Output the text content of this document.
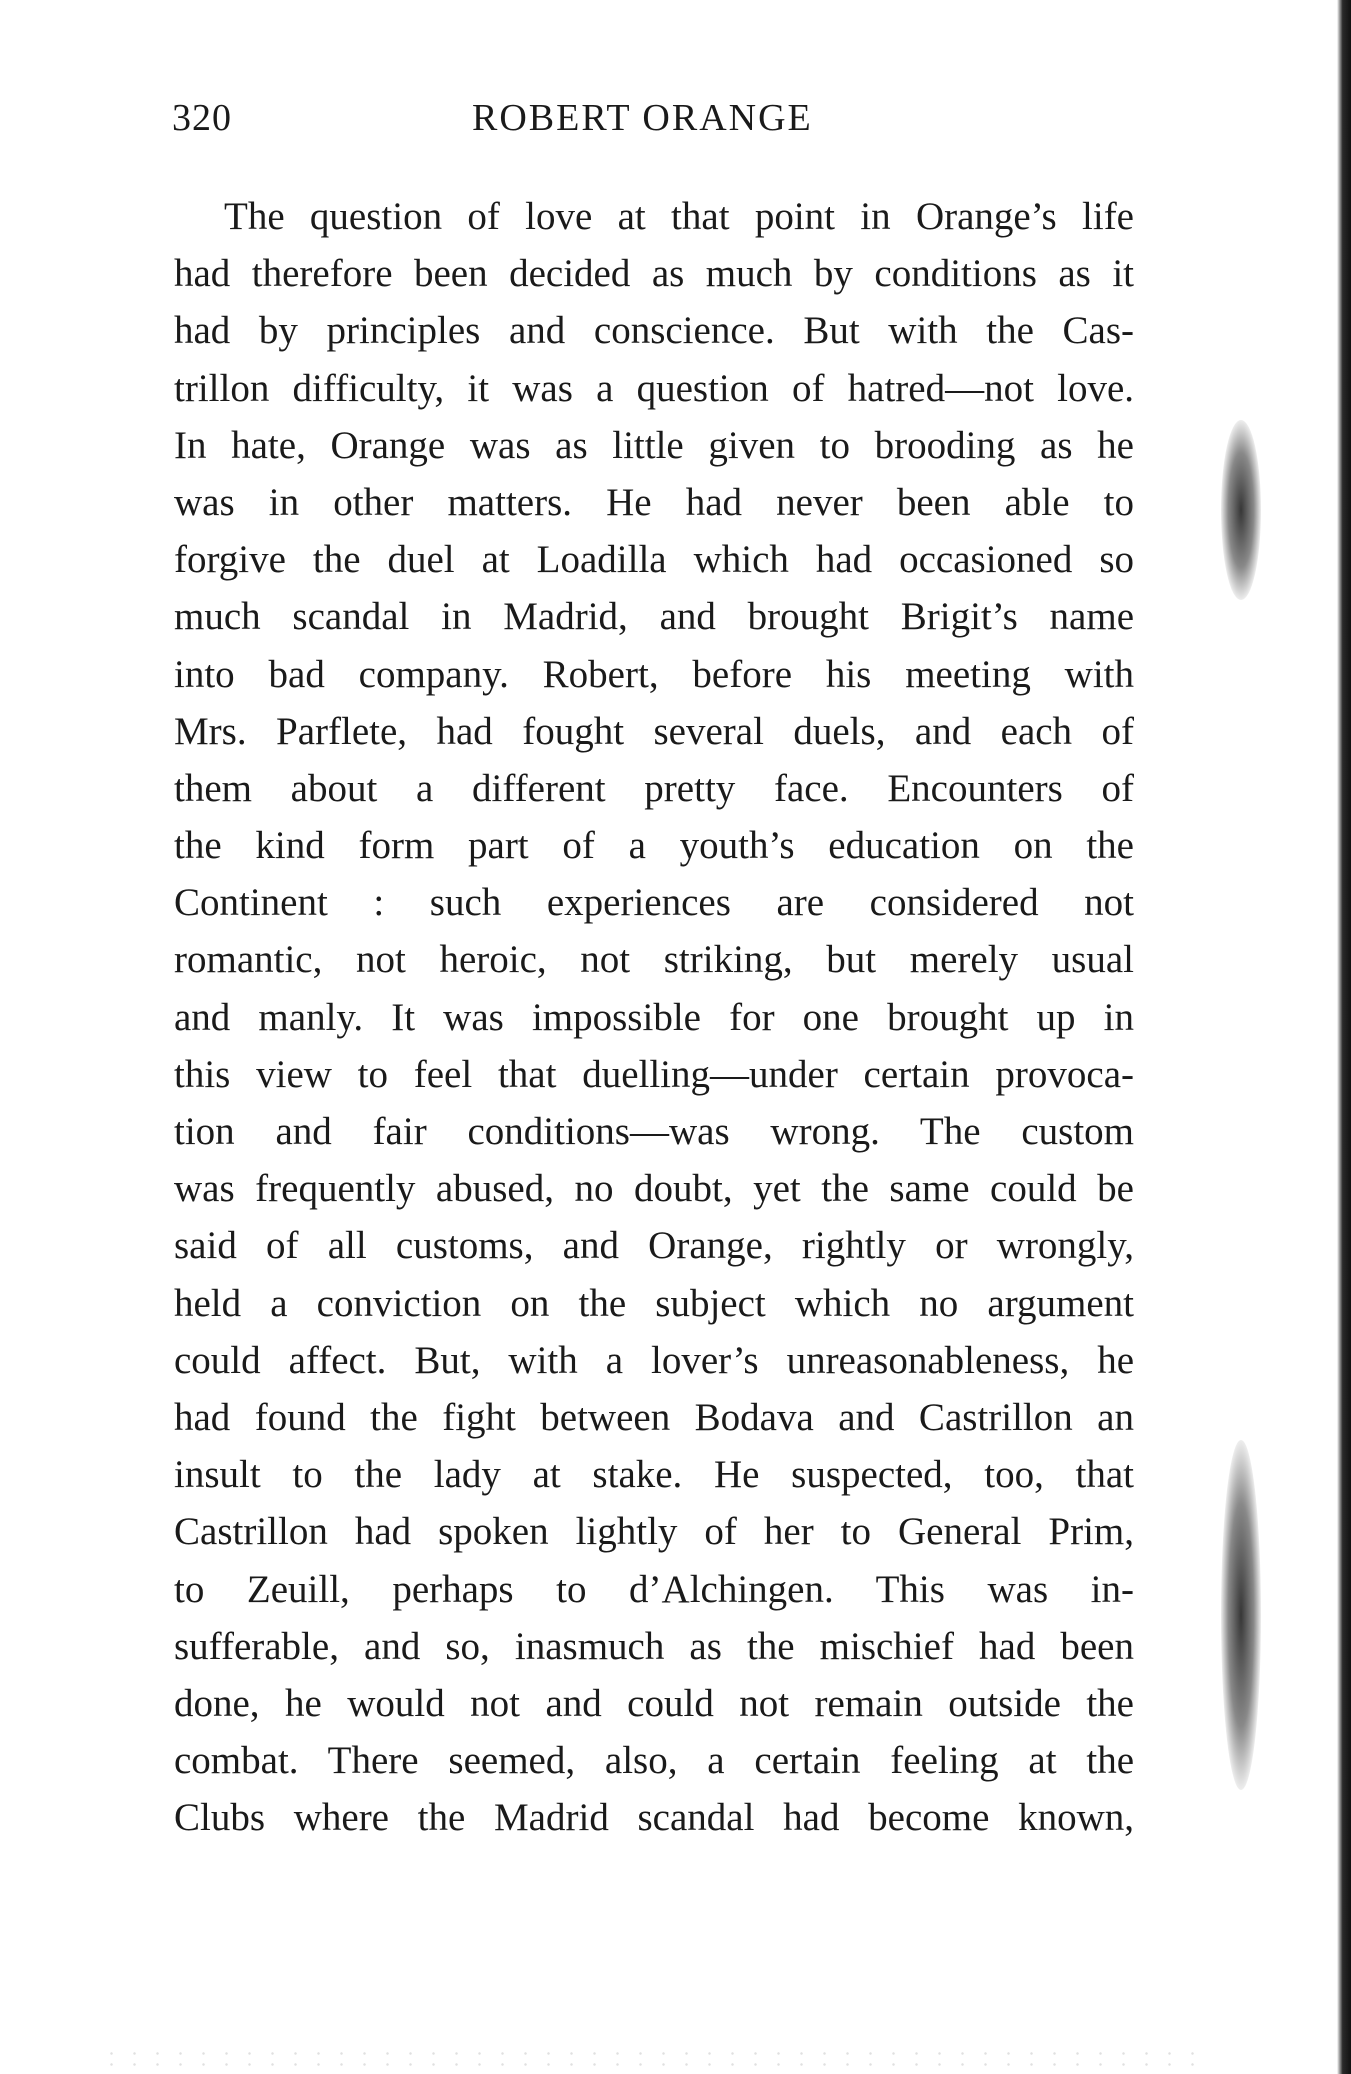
320	ROBERT ORANGE
The question of love at that point in Orange’s life
had therefore been decided as much by conditions as it
had by principles and conscience. But with the Cas-
trillon difficulty, it was a question of hatred—not love.
In hate, Orange was as little given to brooding as he
was in other matters. He had never been able to
forgive the duel at Loadilla which had occasioned so
much scandal in Madrid, and brought Brigit’s name
into bad company. Robert, before his meeting with
Mrs. Parflete, had fought several duels, and each of
them about a different pretty face. Encounters of
the kind form part of a youth’s education on the
Continent : such experiences are considered not
romantic, not heroic, not striking, but merely usual
and manly. It was impossible for one brought up in
this view to feel that duelling—under certain provoca-
tion and fair conditions—was wrong. The custom
was frequently abused, no doubt, yet the same could be
said of all customs, and Orange, rightly or wrongly,
held a conviction on the subject which no argument
could affect. But, with a lover’s unreasonableness, he
had found the fight between Bodava and Castrillon an
insult to the lady at stake. He suspected, too, that
Castrillon had spoken lightly of her to General Prim,
to Zeuill, perhaps to d’Alchingen. This was in-
sufferable, and so, inasmuch as the mischief had been
done, he would not and could not remain outside the
combat. There seemed, also, a certain feeling at the
Clubs where the Madrid scandal had become known,
